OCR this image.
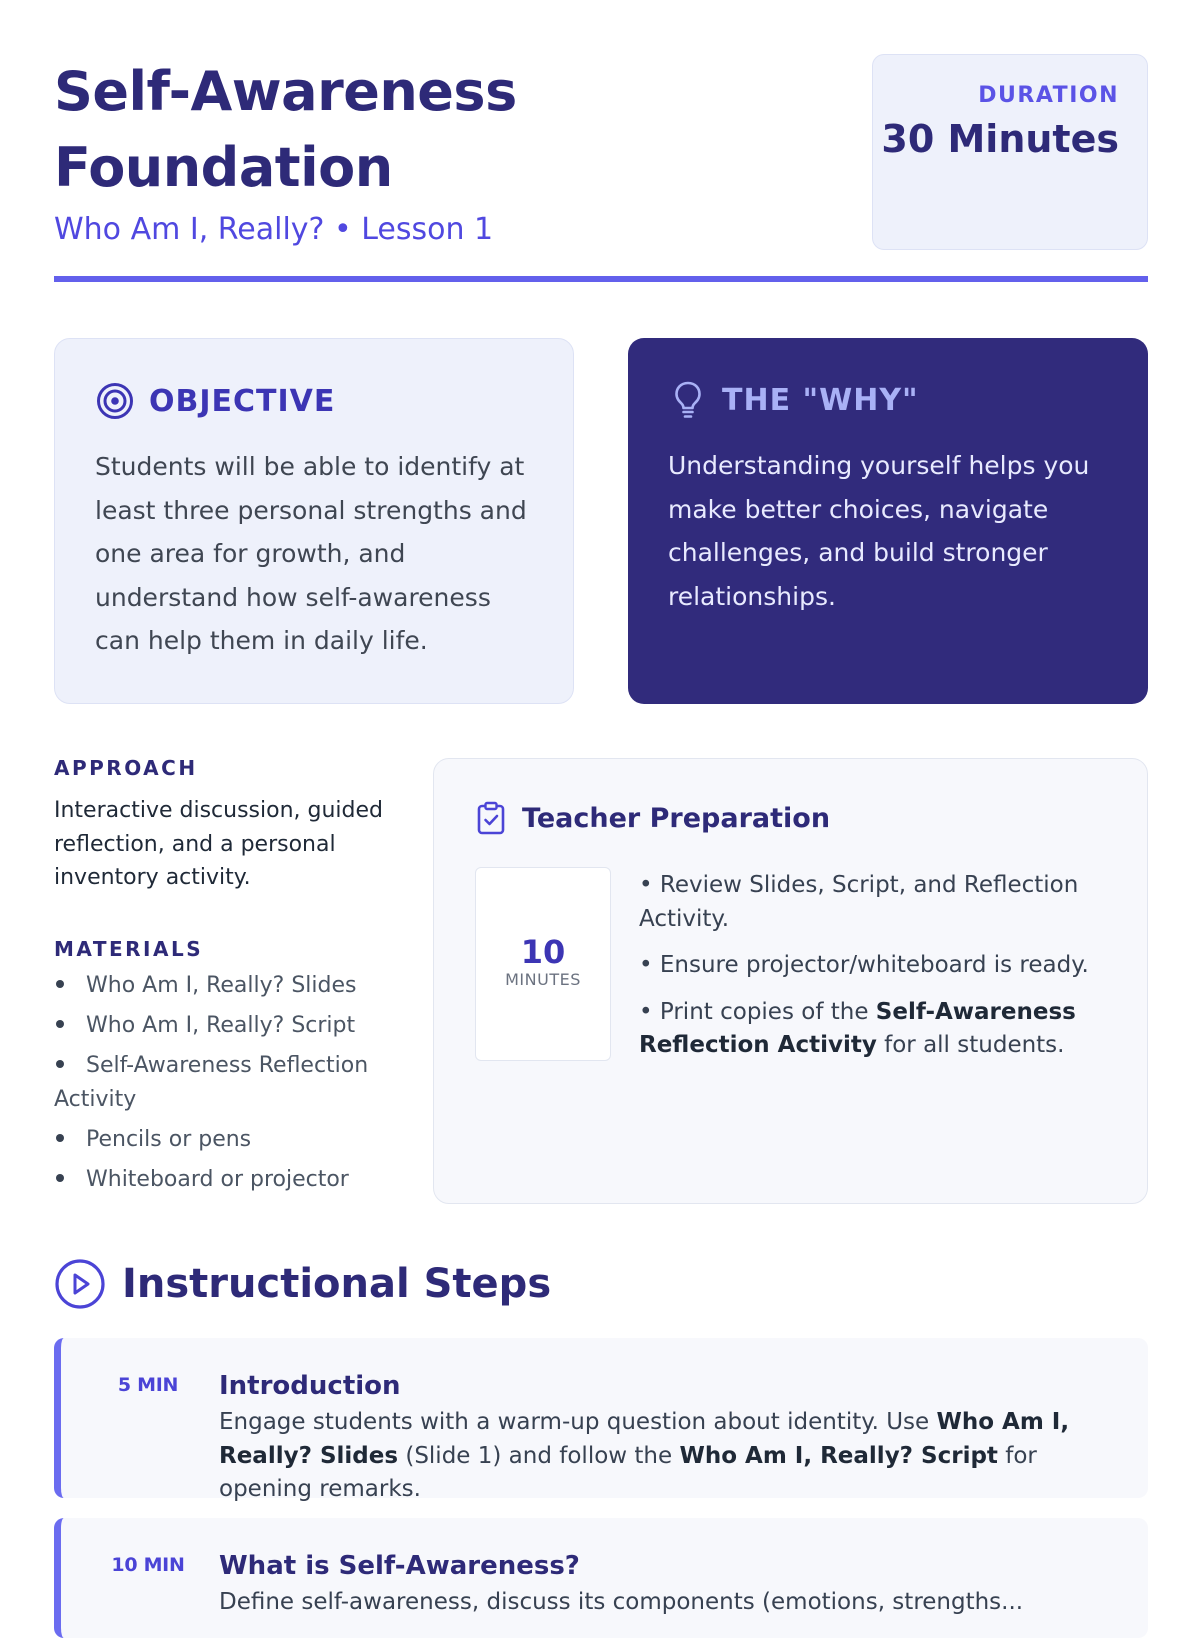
Self-Awareness Foundation
Who Am I, Really? • Lesson 1
DURATION
30 Minutes
OBJECTIVE

Students will be able to identify at least three personal strengths and one area for growth, and understand how self-awareness can help them in daily life.

THE "WHY"

Understanding yourself helps you make better choices, navigate challenges, and build stronger relationships.

APPROACH

Interactive discussion, guided reflection, and a personal inventory activity.

MATERIALS
Who Am I, Really? Slides
Who Am I, Really? Script
Self-Awareness Reflection Activity
Pencils or pens
Whiteboard or projector
Teacher Preparation
10
MINUTES
• Review Slides, Script, and Reflection Activity.
• Ensure projector/whiteboard is ready.
• Print copies of the Self-Awareness Reflection Activity for all students.
Instructional Steps
5 MIN	Introduction

Engage students with a warm-up question about identity. Use Who Am I, Really? Slides (Slide 1) and follow the Who Am I, Really? Script for opening remarks.

10 MIN	What is Self-Awareness?

Define self-awareness, discuss its components (emotions, strengths...
